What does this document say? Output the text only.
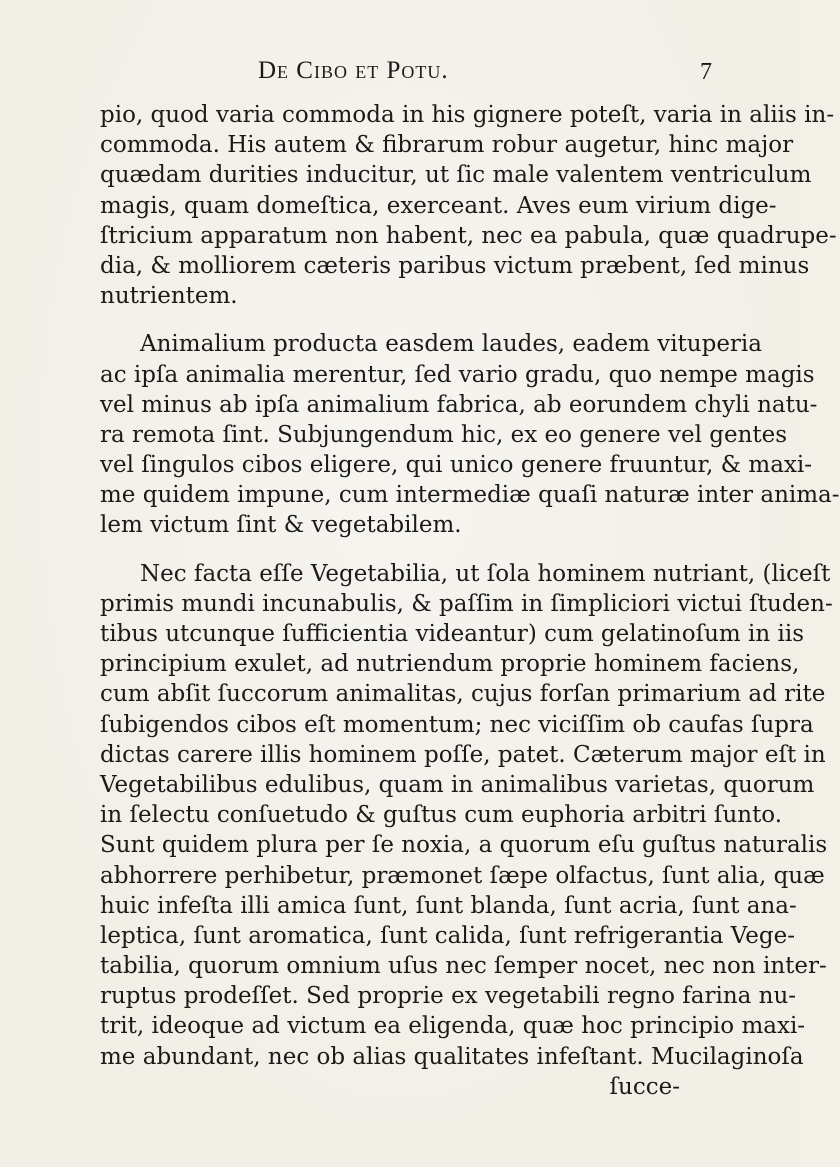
De Cibo et Potu.	7
pio, quod varia commoda in his gignere poteſt, varia in aliis in-
commoda. His autem & fibrarum robur augetur, hinc major
quædam durities inducitur, ut ſic male valentem ventriculum
magis, quam domeſtica, exerceant. Aves eum virium dige-
ſtricium apparatum non habent, nec ea pabula, quæ quadrupe-
dia, & molliorem cæteris paribus victum præbent, ſed minus
nutrientem.
Animalium producta easdem laudes, eadem vituperia
ac ipſa animalia merentur, ſed vario gradu, quo nempe magis
vel minus ab ipſa animalium fabrica, ab eorundem chyli natu-
ra remota ſint. Subjungendum hic, ex eo genere vel gentes
vel ſingulos cibos eligere, qui unico genere fruuntur, & maxi-
me quidem impune, cum intermediæ quaſi naturæ inter anima-
lem victum ſint & vegetabilem.
Nec facta eſſe Vegetabilia, ut ſola hominem nutriant, (liceſt
primis mundi incunabulis, & paſſim in ſimpliciori victui ſtuden-
tibus utcunque ſufficientia videantur) cum gelatinoſum in iis
principium exulet, ad nutriendum proprie hominem faciens,
cum abſit ſuccorum animalitas, cujus forſan primarium ad rite
ſubigendos cibos eſt momentum; nec viciſſim ob caufas ſupra
dictas carere illis hominem poſſe, patet. Cæterum major eſt in
Vegetabilibus edulibus, quam in animalibus varietas, quorum
in ſelectu conſuetudo & guſtus cum euphoria arbitri ſunto.
Sunt quidem plura per ſe noxia, a quorum eſu guſtus naturalis
abhorrere perhibetur, præmonet ſæpe olfactus, ſunt alia, quæ
huic infeſta illi amica ſunt, ſunt blanda, ſunt acria, ſunt ana-
leptica, ſunt aromatica, ſunt calida, ſunt refrigerantia Vege-
tabilia, quorum omnium uſus nec ſemper nocet, nec non inter-
ruptus prodeſſet. Sed proprie ex vegetabili regno farina nu-
trit, ideoque ad victum ea eligenda, quæ hoc principio maxi-
me abundant, nec ob alias qualitates infeſtant. Mucilaginoſa
ſucce-
